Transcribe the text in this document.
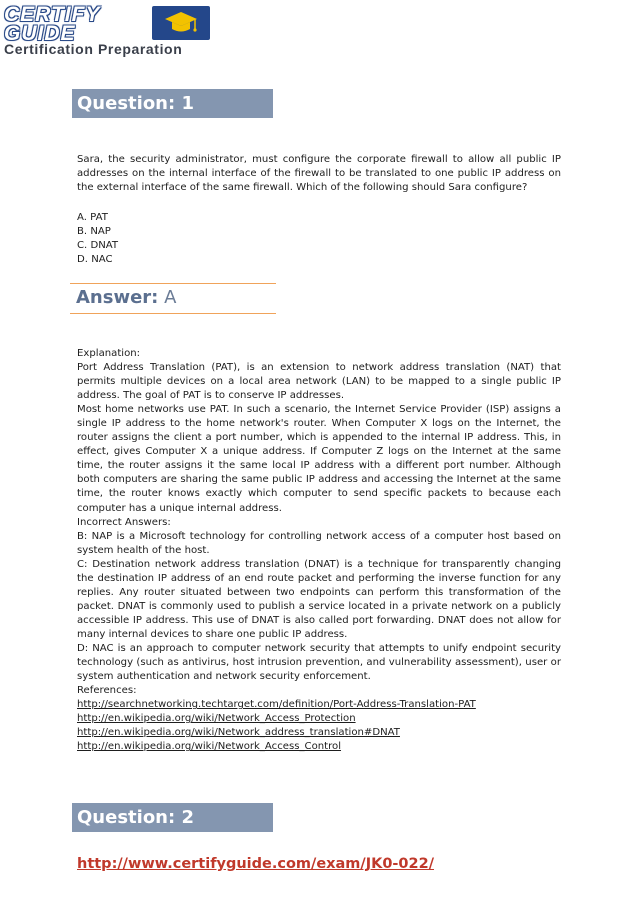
CERTIFY
GUIDE
Certification Preparation
Question: 1
Sara, the security administrator, must configure the corporate firewall to allow all public IP addresses on the internal interface of the firewall to be translated to one public IP address on the external interface of the same firewall. Which of the following should Sara configure?
A. PAT
B. NAP
C. DNAT
D. NAC
Answer: A

Explanation:

Port Address Translation (PAT), is an extension to network address translation (NAT) that permits multiple devices on a local area network (LAN) to be mapped to a single public IP address. The goal of PAT is to conserve IP addresses.

Most home networks use PAT. In such a scenario, the Internet Service Provider (ISP) assigns a single IP address to the home network's router. When Computer X logs on the Internet, the router assigns the client a port number, which is appended to the internal IP address. This, in effect, gives Computer X a unique address. If Computer Z logs on the Internet at the same time, the router assigns it the same local IP address with a different port number. Although both computers are sharing the same public IP address and accessing the Internet at the same time, the router knows exactly which computer to send specific packets to because each computer has a unique internal address.

Incorrect Answers:

B: NAP is a Microsoft technology for controlling network access of a computer host based on system health of the host.

C: Destination network address translation (DNAT) is a technique for transparently changing the destination IP address of an end route packet and performing the inverse function for any replies. Any router situated between two endpoints can perform this transformation of the packet. DNAT is commonly used to publish a service located in a private network on a publicly accessible IP address. This use of DNAT is also called port forwarding. DNAT does not allow for many internal devices to share one public IP address.

D: NAC is an approach to computer network security that attempts to unify endpoint security technology (such as antivirus, host intrusion prevention, and vulnerability assessment), user or system authentication and network security enforcement.

References:

http://searchnetworking.techtarget.com/definition/Port-Address-Translation-PAT
http://en.wikipedia.org/wiki/Network_Access_Protection
http://en.wikipedia.org/wiki/Network_address_translation#DNAT
http://en.wikipedia.org/wiki/Network_Access_Control
Question: 2
http://www.certifyguide.com/exam/JK0-022/
